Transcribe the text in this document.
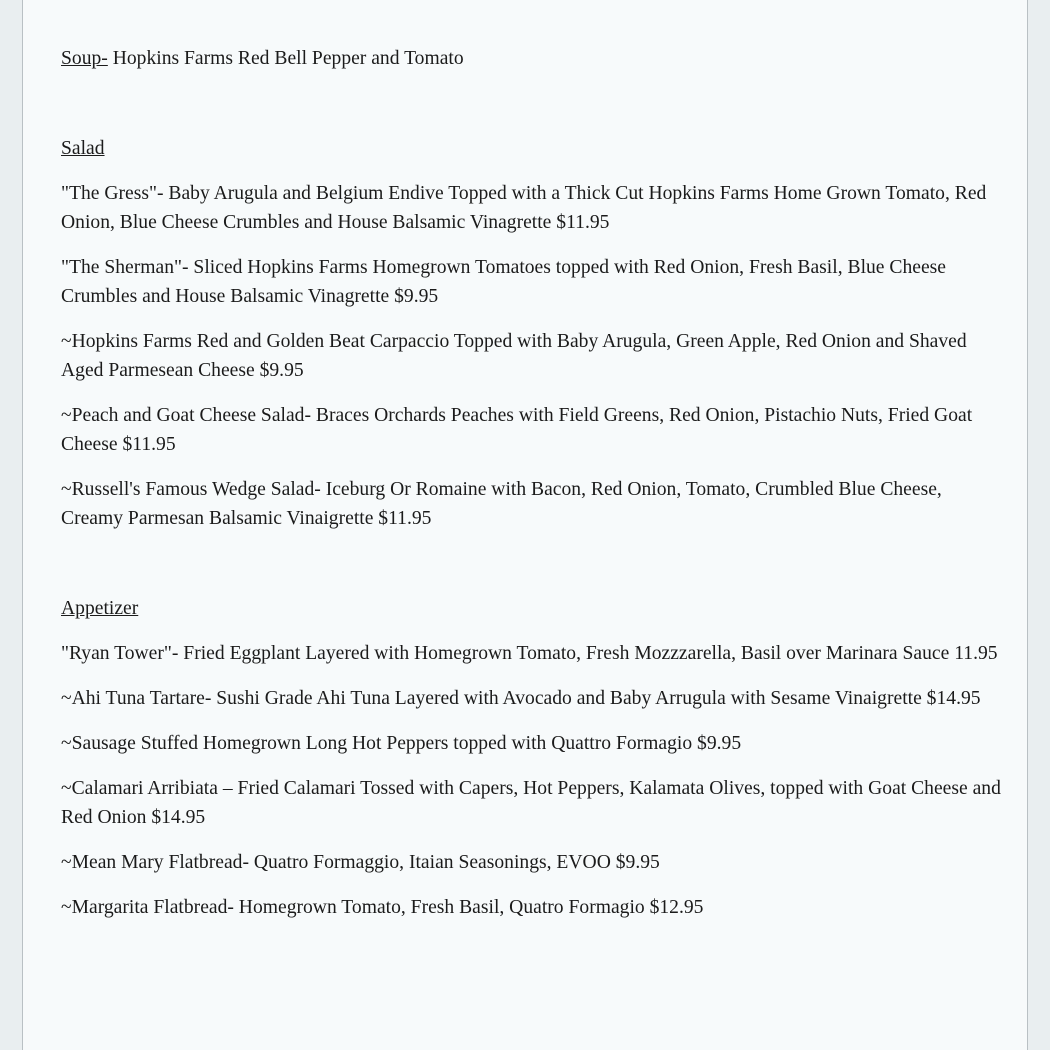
Soup- Hopkins Farms Red Bell Pepper and Tomato

Salad

"The Gress"- Baby Arugula and Belgium Endive Topped with a Thick Cut Hopkins Farms Home Grown Tomato, Red Onion, Blue Cheese Crumbles and House Balsamic Vinagrette $11.95

"The Sherman"- Sliced Hopkins Farms Homegrown Tomatoes topped with Red Onion, Fresh Basil, Blue Cheese Crumbles and House Balsamic Vinagrette $9.95

~Hopkins Farms Red and Golden Beat Carpaccio Topped with Baby Arugula, Green Apple, Red Onion and Shaved Aged Parmesean Cheese $9.95

~Peach and Goat Cheese Salad- Braces Orchards Peaches with Field Greens, Red Onion, Pistachio Nuts, Fried Goat Cheese $11.95

~Russell's Famous Wedge Salad- Iceburg Or Romaine with Bacon, Red Onion, Tomato, Crumbled Blue Cheese, Creamy Parmesan Balsamic Vinaigrette $11.95

Appetizer

"Ryan Tower"- Fried Eggplant Layered with Homegrown Tomato, Fresh Mozzzarella, Basil over Marinara Sauce 11.95

~Ahi Tuna Tartare- Sushi Grade Ahi Tuna Layered with Avocado and Baby Arrugula with Sesame Vinaigrette $14.95

~Sausage Stuffed Homegrown Long Hot Peppers topped with Quattro Formagio $9.95

~Calamari Arribiata – Fried Calamari Tossed with Capers, Hot Peppers, Kalamata Olives, topped with Goat Cheese and Red Onion $14.95

~Mean Mary Flatbread- Quatro Formaggio, Itaian Seasonings, EVOO $9.95

~Margarita Flatbread- Homegrown Tomato, Fresh Basil, Quatro Formagio $12.95
